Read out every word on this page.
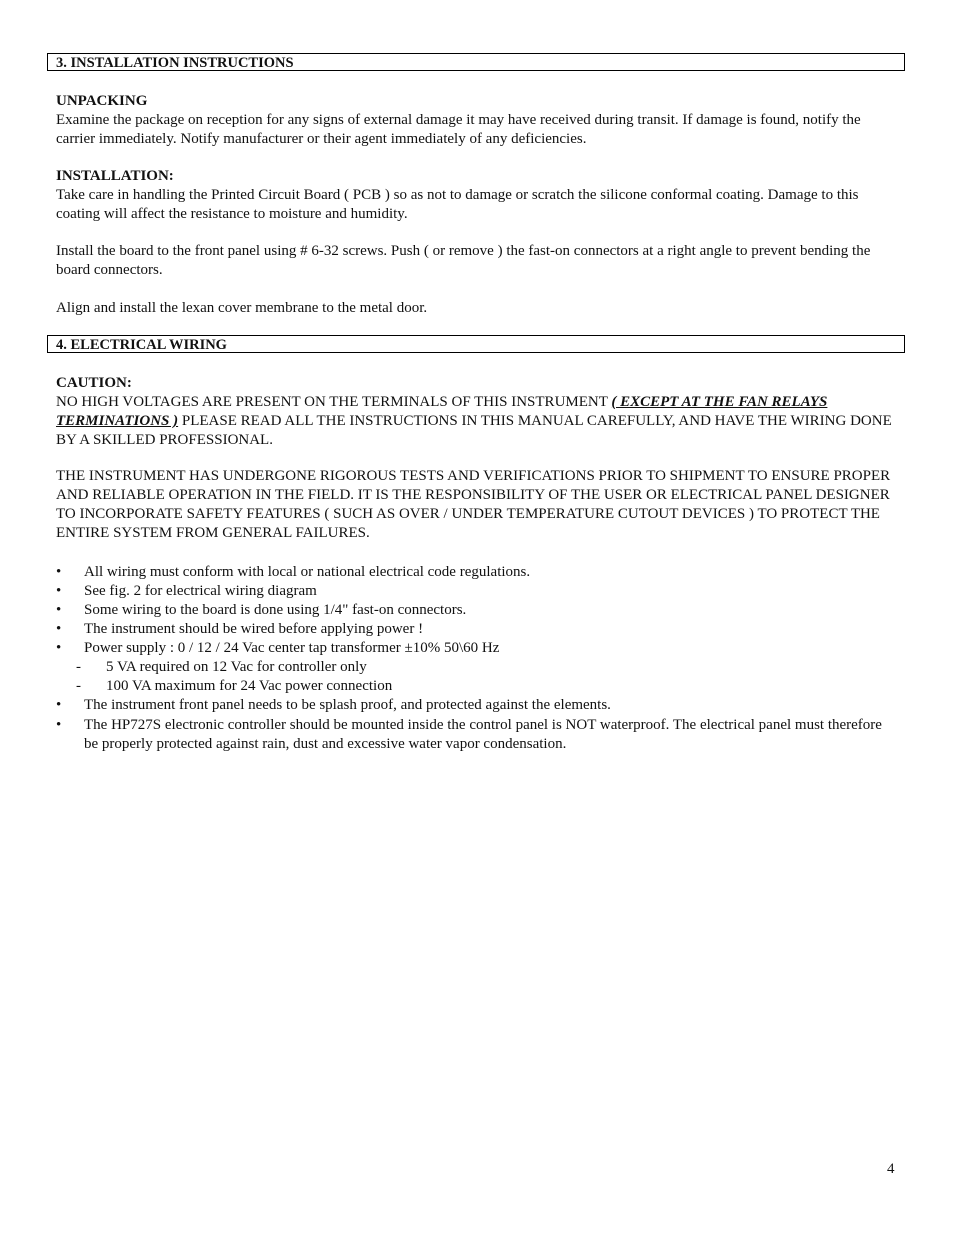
3. INSTALLATION INSTRUCTIONS
UNPACKING
Examine the package on reception for any signs of external damage it may have received during transit. If damage is found, notify the carrier immediately. Notify manufacturer or their agent immediately of any deficiencies.
INSTALLATION:
Take care in handling the Printed Circuit Board ( PCB ) so as not to damage or scratch the silicone conformal coating. Damage to this coating will affect the resistance to moisture and humidity.
Install the board to the front panel using # 6-32 screws. Push ( or remove ) the fast-on connectors at a right angle to prevent bending the board connectors.
Align and install the lexan cover membrane to the metal door.
4. ELECTRICAL WIRING
CAUTION:
NO HIGH VOLTAGES ARE PRESENT ON THE TERMINALS OF THIS INSTRUMENT ( EXCEPT AT THE FAN RELAYS TERMINATIONS ) PLEASE READ ALL THE INSTRUCTIONS IN THIS MANUAL CAREFULLY, AND HAVE THE WIRING DONE BY A SKILLED PROFESSIONAL.
THE INSTRUMENT HAS UNDERGONE RIGOROUS TESTS AND VERIFICATIONS PRIOR TO SHIPMENT TO ENSURE PROPER AND RELIABLE OPERATION IN THE FIELD. IT IS THE RESPONSIBILITY OF THE USER OR ELECTRICAL PANEL DESIGNER TO INCORPORATE SAFETY FEATURES ( SUCH AS OVER / UNDER TEMPERATURE CUTOUT DEVICES ) TO PROTECT THE ENTIRE SYSTEM FROM GENERAL FAILURES.
•	All wiring must conform with local or national electrical code regulations.
•	See fig. 2 for electrical wiring diagram
•	Some wiring to the board is done using 1/4" fast-on connectors.
•	The instrument should be wired before applying power !
•	Power supply : 0 / 12 / 24 Vac center tap transformer ±10% 50\60 Hz
- 5 VA required on 12 Vac for controller only
- 100 VA maximum for 24 Vac power connection
•	The instrument front panel needs to be splash proof, and protected against the elements.
•	The HP727S electronic controller should be mounted inside the control panel is NOT waterproof. The electrical panel must therefore be properly protected against rain, dust and excessive water vapor condensation.
4
